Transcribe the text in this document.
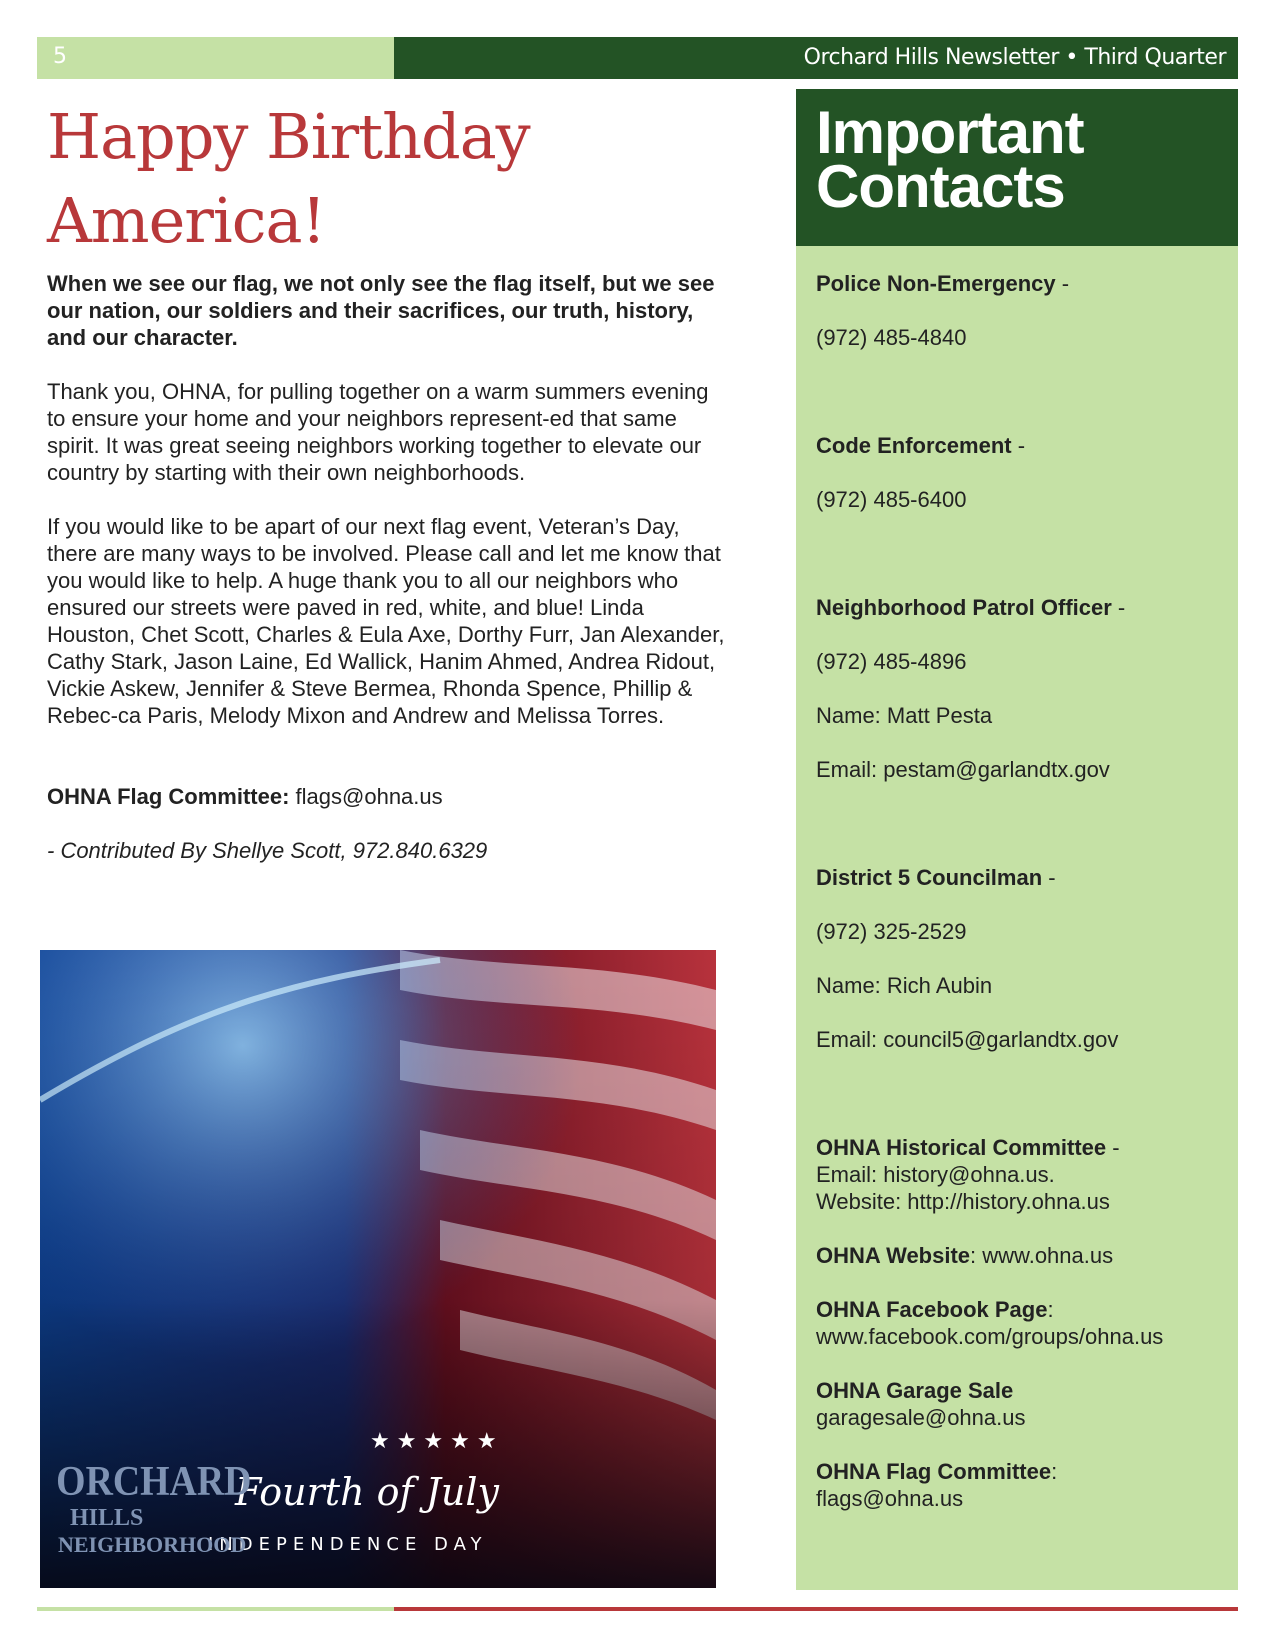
5	Orchard Hills Newsletter • Third Quarter
Happy Birthday
America!

When we see our flag, we not only see the flag itself, but we see our nation, our soldiers and their sacrifices, our truth, history, and our character.

Thank you, OHNA, for pulling together on a warm summers evening to ensure your home and your neighbors represent-ed that same spirit. It was great seeing neighbors working together to elevate our country by starting with their own neighborhoods.

If you would like to be apart of our next flag event, Veteran’s Day, there are many ways to be involved. Please call and let me know that you would like to help. A huge thank you to all our neighbors who ensured our streets were paved in red, white, and blue! Linda Houston, Chet Scott, Charles & Eula Axe, Dorthy Furr, Jan Alexander, Cathy Stark, Jason Laine, Ed Wallick, Hanim Ahmed, Andrea Ridout, Vickie Askew, Jennifer & Steve Bermea, Rhonda Spence, Phillip & Rebec-ca Paris, Melody Mixon and Andrew and Melissa Torres.

OHNA Flag Committee: flags@ohna.us

- Contributed By Shellye Scott, 972.840.6329

★ ★ ★ ★ ★
Fourth of July
INDEPENDENCE DAY
ORCHARD
HILLS
NEIGHBORHOOD
Important
Contacts
Police Non-Emergency -
(972) 485-4840
Code Enforcement -
(972) 485-6400
Neighborhood Patrol Officer -
(972) 485-4896
Name: Matt Pesta
Email: pestam@garlandtx.gov
District 5 Councilman -
(972) 325-2529
Name: Rich Aubin
Email: council5@garlandtx.gov
OHNA Historical Committee -
Email: history@ohna.us.
Website: http://history.ohna.us
OHNA Website: www.ohna.us
OHNA Facebook Page:
www.facebook.com/groups/ohna.us
OHNA Garage Sale
garagesale@ohna.us
OHNA Flag Committee:
flags@ohna.us
